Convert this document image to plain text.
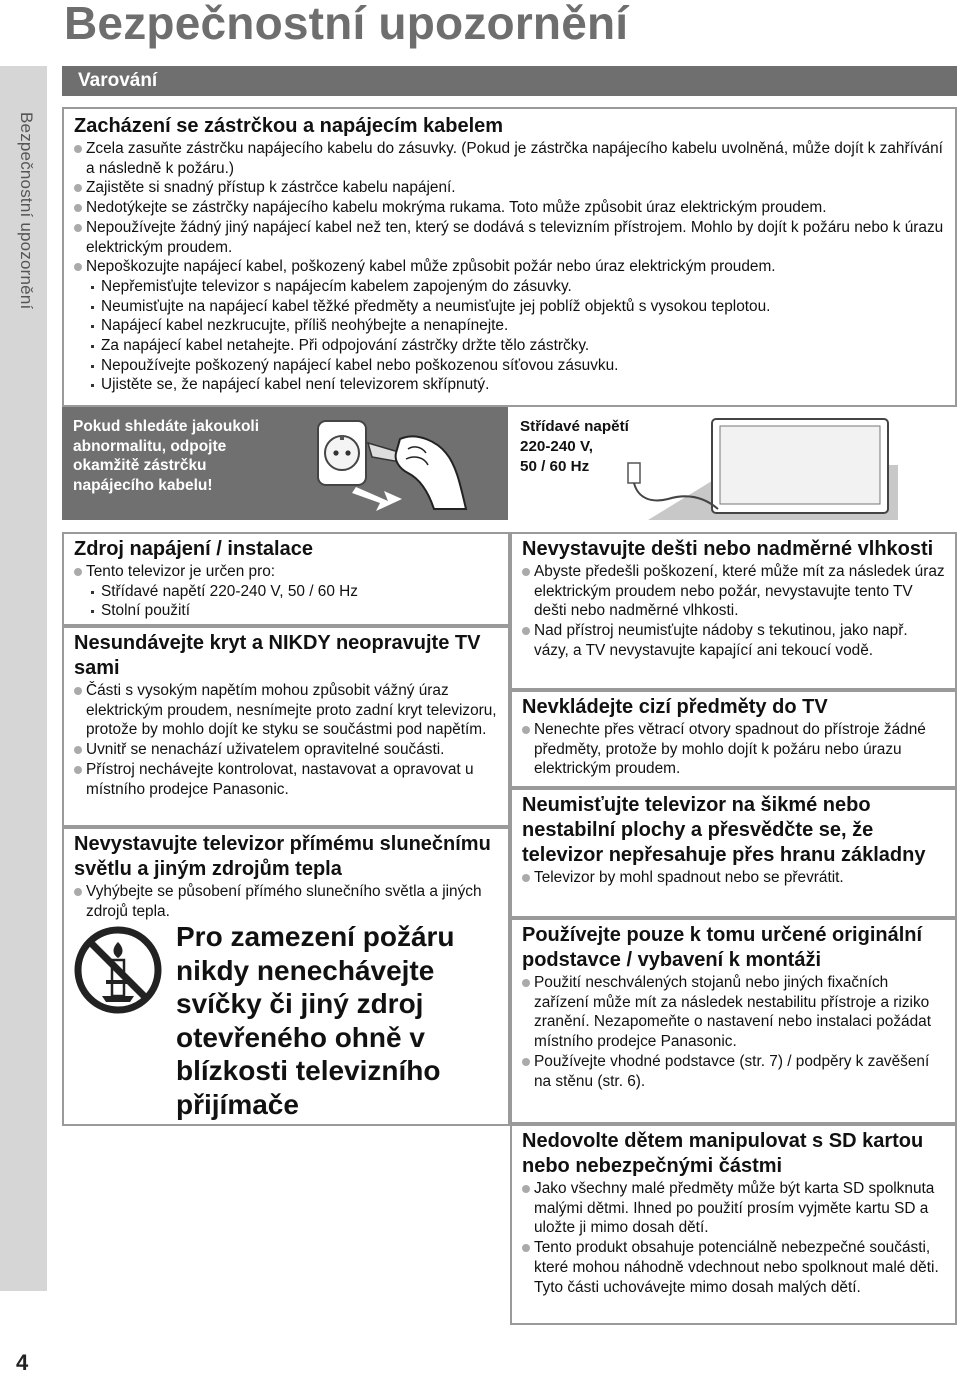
Bezpečnostní upozornění
Bezpečnostní upozornění
4
Varování
Zacházení se zástrčkou a napájecím kabelem
Zcela zasuňte zástrčku napájecího kabelu do zásuvky. (Pokud je zástrčka napájecího kabelu uvolněná, může dojít k zahřívání a následně k požáru.)
Zajistěte si snadný přístup k zástrčce kabelu napájení.
Nedotýkejte se zástrčky napájecího kabelu mokrýma rukama. Toto může způsobit úraz elektrickým proudem.
Nepoužívejte žádný jiný napájecí kabel než ten, který se dodává s televizním přístrojem. Mohlo by dojít k požáru nebo k úrazu elektrickým proudem.
Nepoškozujte napájecí kabel, poškozený kabel může způsobit požár nebo úraz elektrickým proudem.
Nepřemisťujte televizor s napájecím kabelem zapojeným do zásuvky.
Neumisťujte na napájecí kabel těžké předměty a neumisťujte jej poblíž objektů s vysokou teplotou.
Napájecí kabel nezkrucujte, příliš neohýbejte a nenapínejte.
Za napájecí kabel netahejte. Při odpojování zástrčky držte tělo zástrčky.
Nepoužívejte poškozený napájecí kabel nebo poškozenou síťovou zásuvku.
Ujistěte se, že napájecí kabel není televizorem skřípnutý.
Pokud shledáte jakoukoli abnormalitu, odpojte okamžitě zástrčku napájecího kabelu!
Střídavé napětí
220-240 V,
50 / 60 Hz
Zdroj napájení / instalace
Tento televizor je určen pro:
Střídavé napětí 220-240 V, 50 / 60 Hz
Stolní použití
Nesundávejte kryt a NIKDY neopravujte TV sami
Části s vysokým napětím mohou způsobit vážný úraz elektrickým proudem, nesnímejte proto zadní kryt televizoru, protože by mohlo dojít ke styku se součástmi pod napětím.
Uvnitř se nenachází uživatelem opravitelné součásti.
Přístroj nechávejte kontrolovat, nastavovat a opravovat u místního prodejce Panasonic.
Nevystavujte televizor přímému slunečnímu světlu a jiným zdrojům tepla
Vyhýbejte se působení přímého slunečního světla a jiných zdrojů tepla.
Pro zamezení požáru nikdy nenechávejte svíčky či jiný zdroj otevřeného ohně v blízkosti televizního přijímače
Nevystavujte dešti nebo nadměrné vlhkosti
Abyste předešli poškození, které může mít za následek úraz elektrickým proudem nebo požár, nevystavujte tento TV dešti nebo nadměrné vlhkosti.
Nad přístroj neumisťujte nádoby s tekutinou, jako např. vázy, a TV nevystavujte kapající ani tekoucí vodě.
Nevkládejte cizí předměty do TV
Nenechte přes větrací otvory spadnout do přístroje žádné předměty, protože by mohlo dojít k požáru nebo úrazu elektrickým proudem.
Neumisťujte televizor na šikmé nebo nestabilní plochy a přesvědčte se, že televizor nepřesahuje přes hranu základny
Televizor by mohl spadnout nebo se převrátit.
Používejte pouze k tomu určené originální podstavce / vybavení k montáži
Použití neschválených stojanů nebo jiných fixačních zařízení může mít za následek nestabilitu přístroje a riziko zranění. Nezapomeňte o nastavení nebo instalaci požádat místního prodejce Panasonic.
Používejte vhodné podstavce (str. 7) / podpěry k zavěšení na stěnu (str. 6).
Nedovolte dětem manipulovat s SD kartou nebo nebezpečnými částmi
Jako všechny malé předměty může být karta SD spolknuta malými dětmi. Ihned po použití prosím vyjměte kartu SD a uložte ji mimo dosah dětí.
Tento produkt obsahuje potenciálně nebezpečné součásti, které mohou náhodně vdechnout nebo spolknout malé děti. Tyto části uchovávejte mimo dosah malých dětí.
